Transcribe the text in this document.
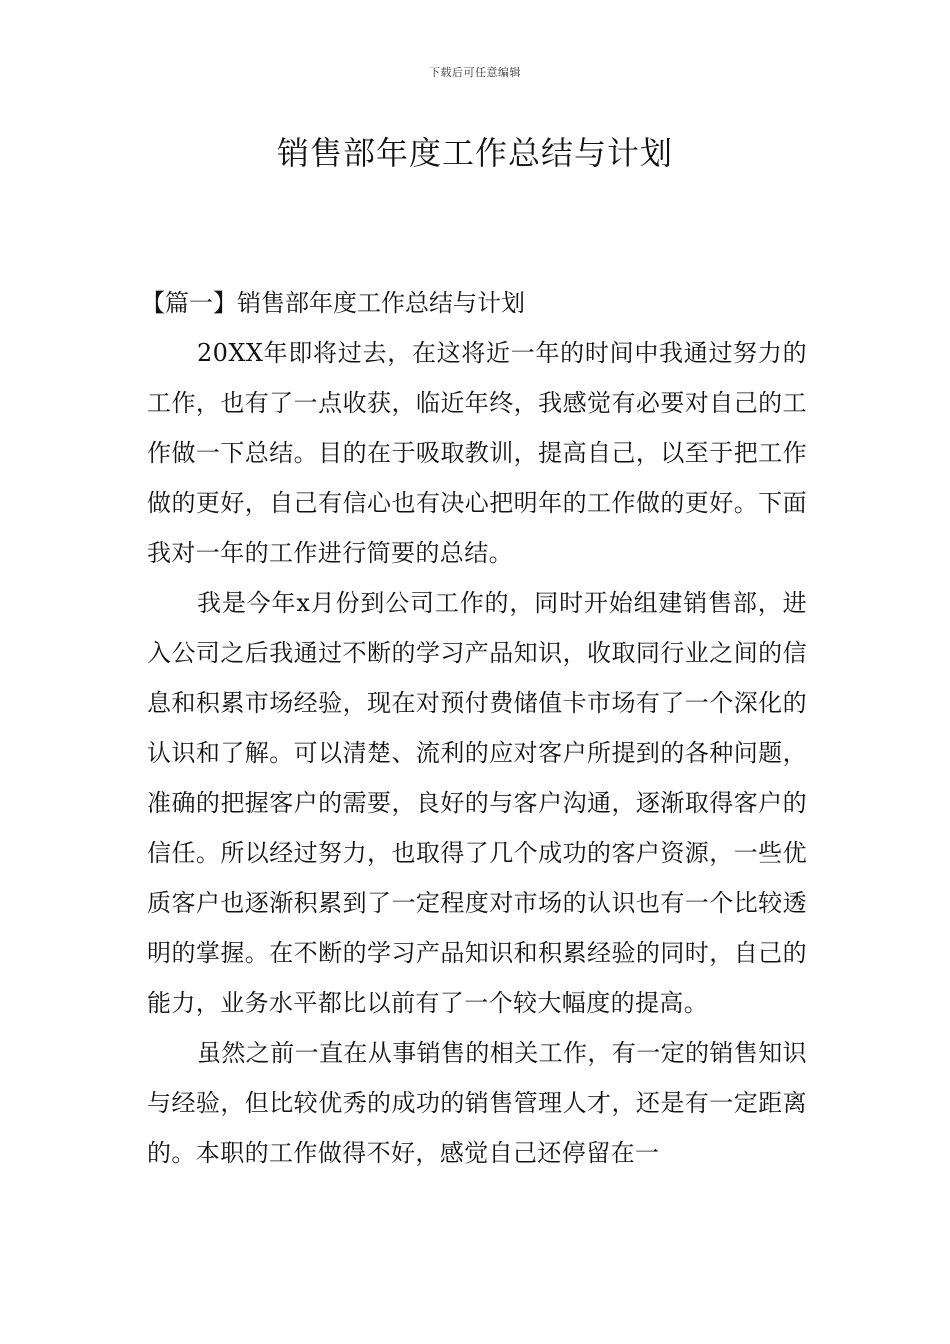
下载后可任意编辑
销售部年度工作总结与计划

【篇一】销售部年度工作总结与计划

20XX年即将过去，在这将近一年的时间中我通过努力的工作，也有了一点收获，临近年终，我感觉有必要对自己的工作做一下总结。目的在于吸取教训，提高自己，以至于把工作做的更好，自己有信心也有决心把明年的工作做的更好。下面我对一年的工作进行简要的总结。

我是今年x月份到公司工作的，同时开始组建销售部，进入公司之后我通过不断的学习产品知识，收取同行业之间的信息和积累市场经验，现在对预付费储值卡市场有了一个深化的认识和了解。可以清楚、流利的应对客户所提到的各种问题，准确的把握客户的需要，良好的与客户沟通，逐渐取得客户的信任。所以经过努力，也取得了几个成功的客户资源，一些优质客户也逐渐积累到了一定程度对市场的认识也有一个比较透明的掌握。在不断的学习产品知识和积累经验的同时，自己的能力，业务水平都比以前有了一个较大幅度的提高。

虽然之前一直在从事销售的相关工作，有一定的销售知识与经验，但比较优秀的成功的销售管理人才，还是有一定距离的。本职的工作做得不好，感觉自己还停留在一
